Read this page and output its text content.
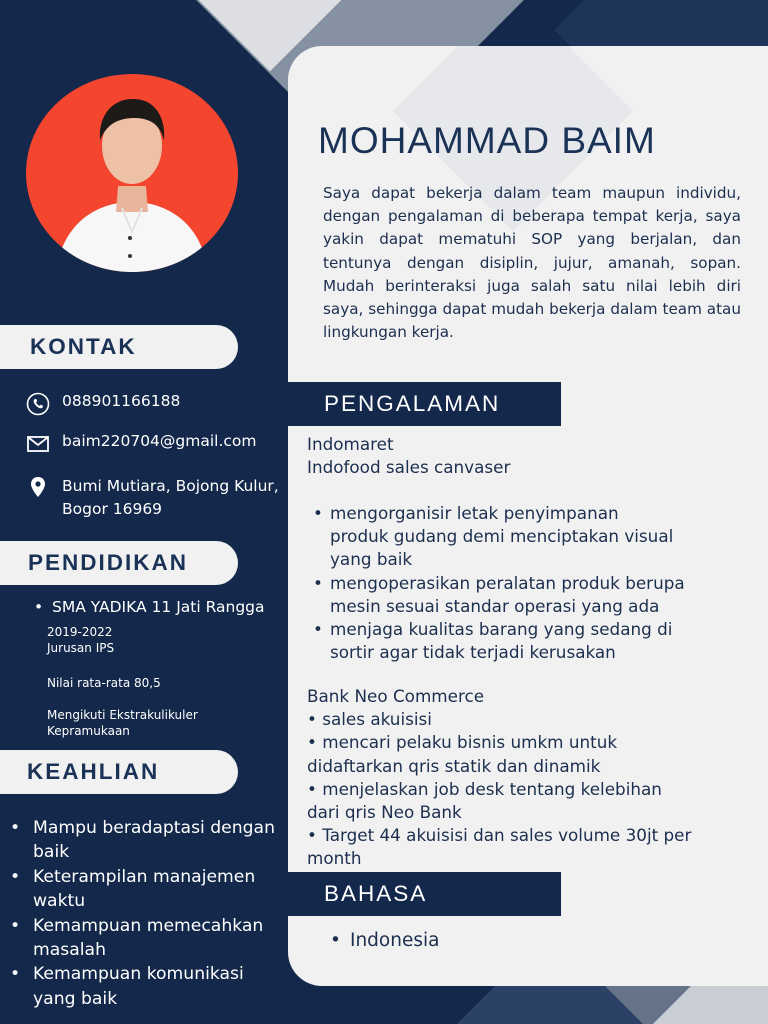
MOHAMMAD BAIM

Saya dapat bekerja dalam team maupun individu, dengan pengalaman di beberapa tempat kerja, saya yakin dapat mematuhi SOP yang berjalan, dan tentunya dengan disiplin, jujur, amanah, sopan. Mudah berinteraksi juga salah satu nilai lebih diri saya, sehingga dapat mudah bekerja dalam team atau lingkungan kerja.

KONTAK
088901166188
baim220704@gmail.com
Bumi Mutiara, Bojong Kulur, Bogor 16969
PENDIDIKAN
• SMA YADIKA 11 Jati Rangga
2019-2022
Jurusan IPS
Nilai rata-rata 80,5
Mengikuti Ekstrakulikuler Kepramukaan
KEAHLIAN
• Mampu beradaptasi dengan baik
• Keterampilan manajemen waktu
• Kemampuan memecahkan masalah
• Kemampuan komunikasi yang baik
PENGALAMAN
Indomaret
Indofood sales canvaser
• mengorganisir letak penyimpanan produk gudang demi menciptakan visual yang baik
• mengoperasikan peralatan produk berupa mesin sesuai standar operasi yang ada
• menjaga kualitas barang yang sedang di sortir agar tidak terjadi kerusakan
Bank Neo Commerce
• sales akuisisi
• mencari pelaku bisnis umkm untuk
didaftarkan qris statik dan dinamik
• menjelaskan job desk tentang kelebihan
dari qris Neo Bank
• Target 44 akuisisi dan sales volume 30jt per
month
BAHASA
• Indonesia
